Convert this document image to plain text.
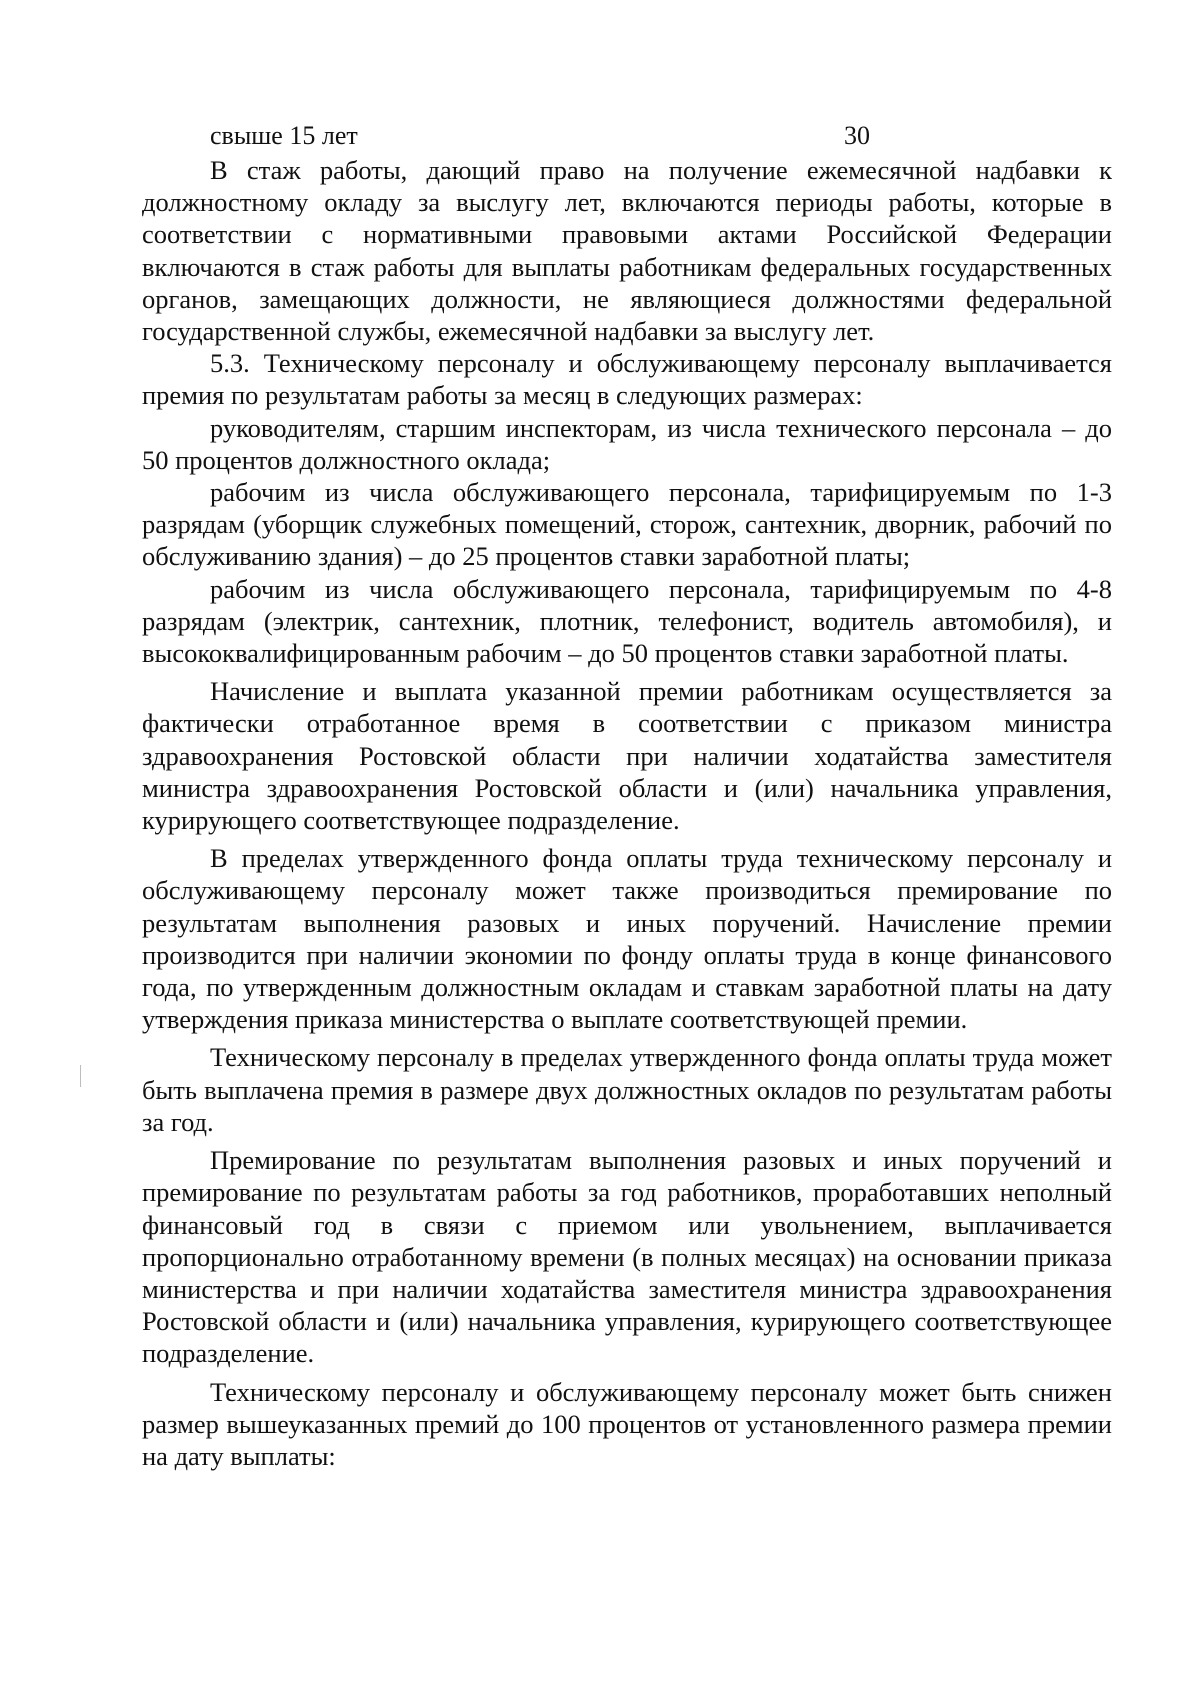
свыше 15 лет	30

В стаж работы, дающий право на получение ежемесячной надбавки к должностному окладу за выслугу лет, включаются периоды работы, которые в соответствии с нормативными правовыми актами Российской Федерации включаются в стаж работы для выплаты работникам федеральных государственных органов, замещающих должности, не являющиеся должностями федеральной государственной службы, ежемесячной надбавки за выслугу лет.

5.3. Техническому персоналу и обслуживающему персоналу выплачивается премия по результатам работы за месяц в следующих размерах:

руководителям, старшим инспекторам, из числа технического персонала – до 50 процентов должностного оклада;

рабочим из числа обслуживающего персонала, тарифицируемым по 1-3 разрядам (уборщик служебных помещений, сторож, сантехник, дворник, рабочий по обслуживанию здания) – до 25 процентов ставки заработной платы;

рабочим из числа обслуживающего персонала, тарифицируемым по 4-8 разрядам (электрик, сантехник, плотник, телефонист, водитель автомобиля), и высококвалифицированным рабочим – до 50 процентов ставки заработной платы.

Начисление и выплата указанной премии работникам осуществляется за фактически отработанное время в соответствии с приказом министра здравоохранения Ростовской области при наличии ходатайства заместителя министра здравоохранения Ростовской области и (или) начальника управления, курирующего соответствующее подразделение.

В пределах утвержденного фонда оплаты труда техническому персоналу и обслуживающему персоналу может также производиться премирование по результатам выполнения разовых и иных поручений. Начисление премии производится при наличии экономии по фонду оплаты труда в конце финансового года, по утвержденным должностным окладам и ставкам заработной платы на дату утверждения приказа министерства о выплате соответствующей премии.

Техническому персоналу в пределах утвержденного фонда оплаты труда может быть выплачена премия в размере двух должностных окладов по результатам работы за год.

Премирование по результатам выполнения разовых и иных поручений и премирование по результатам работы за год работников, проработавших неполный финансовый год в связи с приемом или увольнением, выплачивается пропорционально отработанному времени (в полных месяцах) на основании приказа министерства и при наличии ходатайства заместителя министра здравоохранения Ростовской области и (или) начальника управления, курирующего соответствующее подразделение.

Техническому персоналу и обслуживающему персоналу может быть снижен размер вышеуказанных премий до 100 процентов от установленного размера премии на дату выплаты:
